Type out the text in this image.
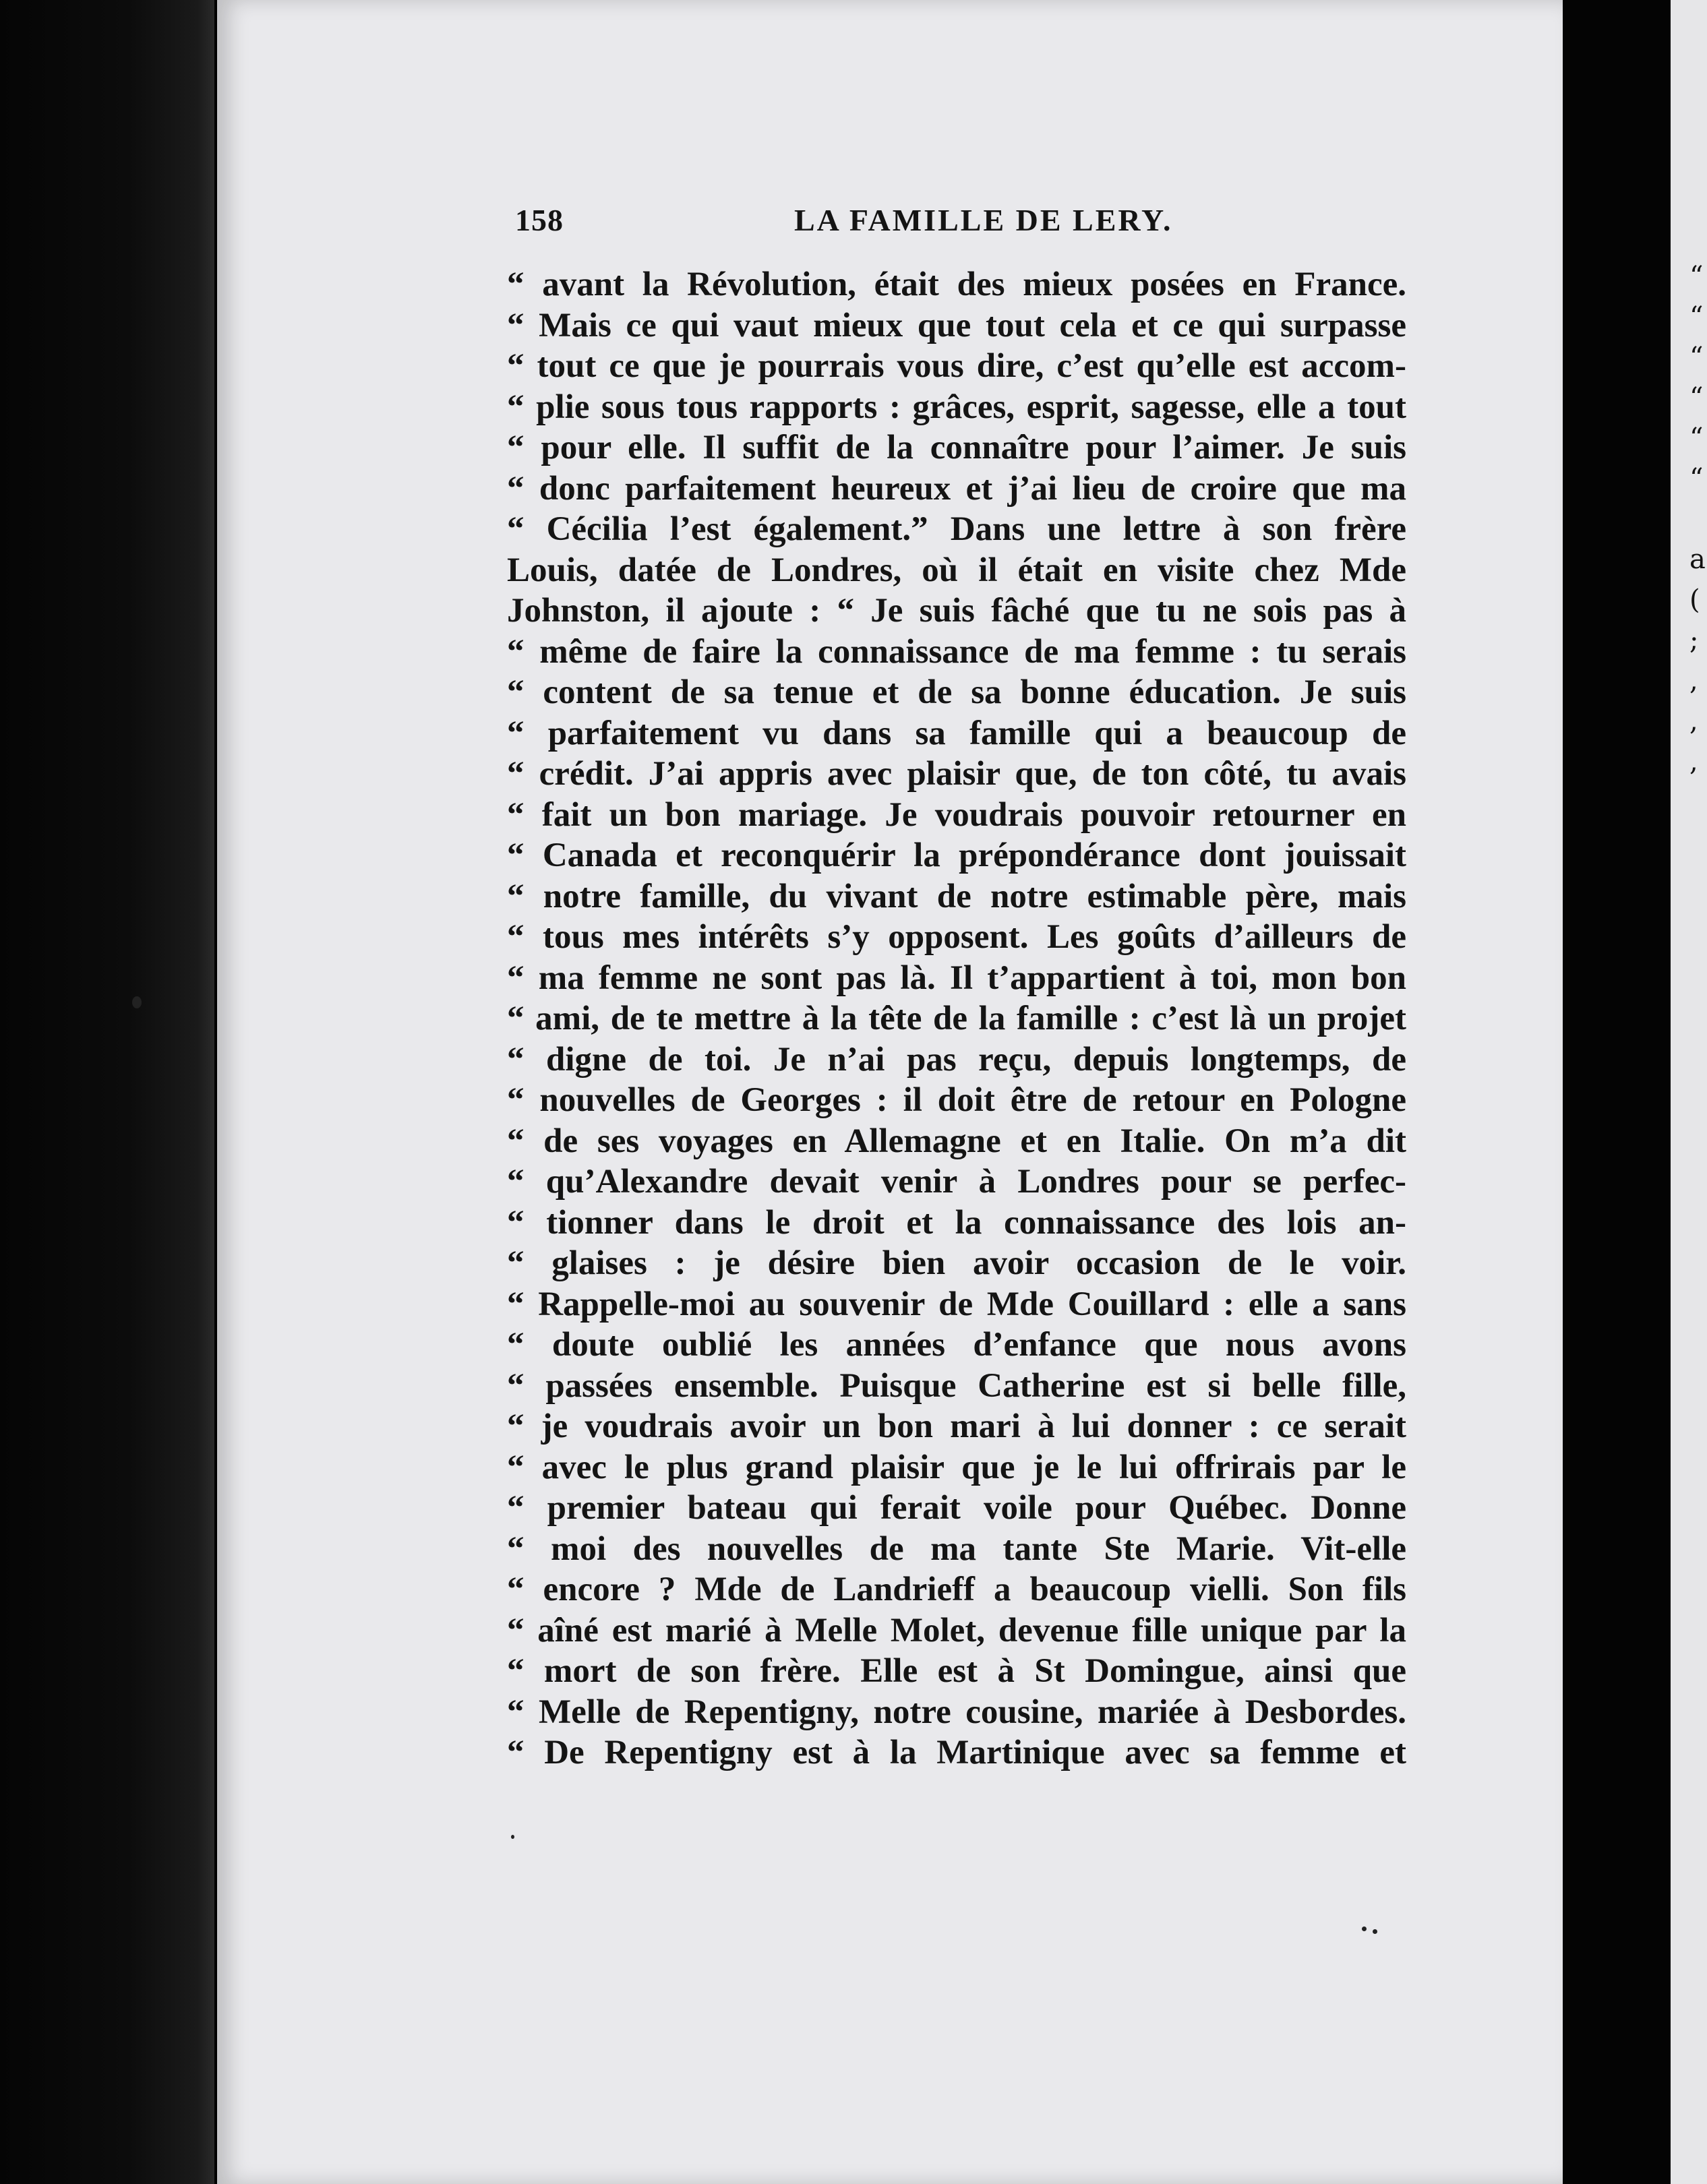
“
“
“
“
“
“

a
(
;
,
,
,
158	LA FAMILLE DE LERY.
“ avant la Révolution, était des mieux posées en France.
“ Mais ce qui vaut mieux que tout cela et ce qui surpasse
“ tout ce que je pourrais vous dire, c’est qu’elle est accom-
“ plie sous tous rapports : grâces, esprit, sagesse, elle a tout
“ pour elle. Il suffit de la connaître pour l’aimer. Je suis
“ donc parfaitement heureux et j’ai lieu de croire que ma
“ Cécilia l’est également.” Dans une lettre à son frère
Louis, datée de Londres, où il était en visite chez Mde
Johnston, il ajoute : “ Je suis fâché que tu ne sois pas à
“ même de faire la connaissance de ma femme : tu serais
“ content de sa tenue et de sa bonne éducation. Je suis
“ parfaitement vu dans sa famille qui a beaucoup de
“ crédit. J’ai appris avec plaisir que, de ton côté, tu avais
“ fait un bon mariage. Je voudrais pouvoir retourner en
“ Canada et reconquérir la prépondérance dont jouissait
“ notre famille, du vivant de notre estimable père, mais
“ tous mes intérêts s’y opposent. Les goûts d’ailleurs de
“ ma femme ne sont pas là. Il t’appartient à toi, mon bon
“ ami, de te mettre à la tête de la famille : c’est là un projet
“ digne de toi. Je n’ai pas reçu, depuis longtemps, de
“ nouvelles de Georges : il doit être de retour en Pologne
“ de ses voyages en Allemagne et en Italie. On m’a dit
“ qu’Alexandre devait venir à Londres pour se perfec-
“ tionner dans le droit et la connaissance des lois an-
“ glaises : je désire bien avoir occasion de le voir.
“ Rappelle-moi au souvenir de Mde Couillard : elle a sans
“ doute oublié les années d’enfance que nous avons
“ passées ensemble. Puisque Catherine est si belle fille,
“ je voudrais avoir un bon mari à lui donner : ce serait
“ avec le plus grand plaisir que je le lui offrirais par le
“ premier bateau qui ferait voile pour Québec. Donne
“ moi des nouvelles de ma tante Ste Marie. Vit-elle
“ encore ? Mde de Landrieff a beaucoup vielli. Son fils
“ aîné est marié à Melle Molet, devenue fille unique par la
“ mort de son frère. Elle est à St Domingue, ainsi que
“ Melle de Repentigny, notre cousine, mariée à Desbordes.
“ De Repentigny est à la Martinique avec sa femme et
